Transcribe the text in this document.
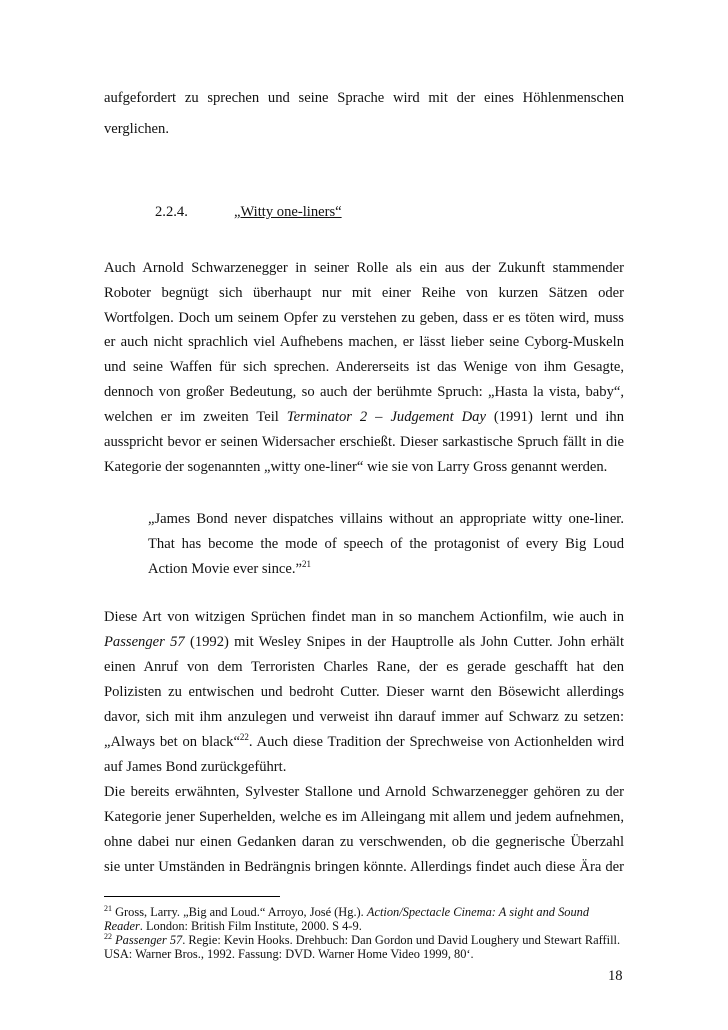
aufgefordert zu sprechen und seine Sprache wird mit der eines Höhlenmenschen
verglichen.
2.2.4.	„Witty one-liners“
Auch Arnold Schwarzenegger in seiner Rolle als ein aus der Zukunft stammender
Roboter begnügt sich überhaupt nur mit einer Reihe von kurzen Sätzen oder
Wortfolgen. Doch um seinem Opfer zu verstehen zu geben, dass er es töten wird, muss
er auch nicht sprachlich viel Aufhebens machen, er lässt lieber seine Cyborg-Muskeln
und seine Waffen für sich sprechen. Andererseits ist das Wenige von ihm Gesagte,
dennoch von großer Bedeutung, so auch der berühmte Spruch: „Hasta la vista, baby“,
welchen er im zweiten Teil Terminator 2 – Judgement Day (1991) lernt und ihn
ausspricht bevor er seinen Widersacher erschießt. Dieser sarkastische Spruch fällt in die
Kategorie der sogenannten „witty one-liner“ wie sie von Larry Gross genannt werden.
„James Bond never dispatches villains without an appropriate witty one-liner.
That has become the mode of speech of the protagonist of every Big Loud
Action Movie ever since.”$^{21}$
Diese Art von witzigen Sprüchen findet man in so manchem Actionfilm, wie auch in
Passenger 57 (1992) mit Wesley Snipes in der Hauptrolle als John Cutter. John erhält
einen Anruf von dem Terroristen Charles Rane, der es gerade geschafft hat den
Polizisten zu entwischen und bedroht Cutter. Dieser warnt den Bösewicht allerdings
davor, sich mit ihm anzulegen und verweist ihn darauf immer auf Schwarz zu setzen:
„Always bet on black“$^{22}$. Auch diese Tradition der Sprechweise von Actionhelden wird
auf James Bond zurückgeführt.
Die bereits erwähnten, Sylvester Stallone und Arnold Schwarzenegger gehören zu der
Kategorie jener Superhelden, welche es im Alleingang mit allem und jedem aufnehmen,
ohne dabei nur einen Gedanken daran zu verschwenden, ob die gegnerische Überzahl
sie unter Umständen in Bedrängnis bringen könnte. Allerdings findet auch diese Ära der
$^{21}$ Gross, Larry. „Big and Loud.“ Arroyo, José (Hg.). Action/Spectacle Cinema: A sight and Sound
Reader. London: British Film Institute, 2000. S 4-9.
$^{22}$ Passenger 57. Regie: Kevin Hooks. Drehbuch: Dan Gordon und David Loughery und Stewart Raffill.
USA: Warner Bros., 1992. Fassung: DVD. Warner Home Video 1999, 80‘.
18
